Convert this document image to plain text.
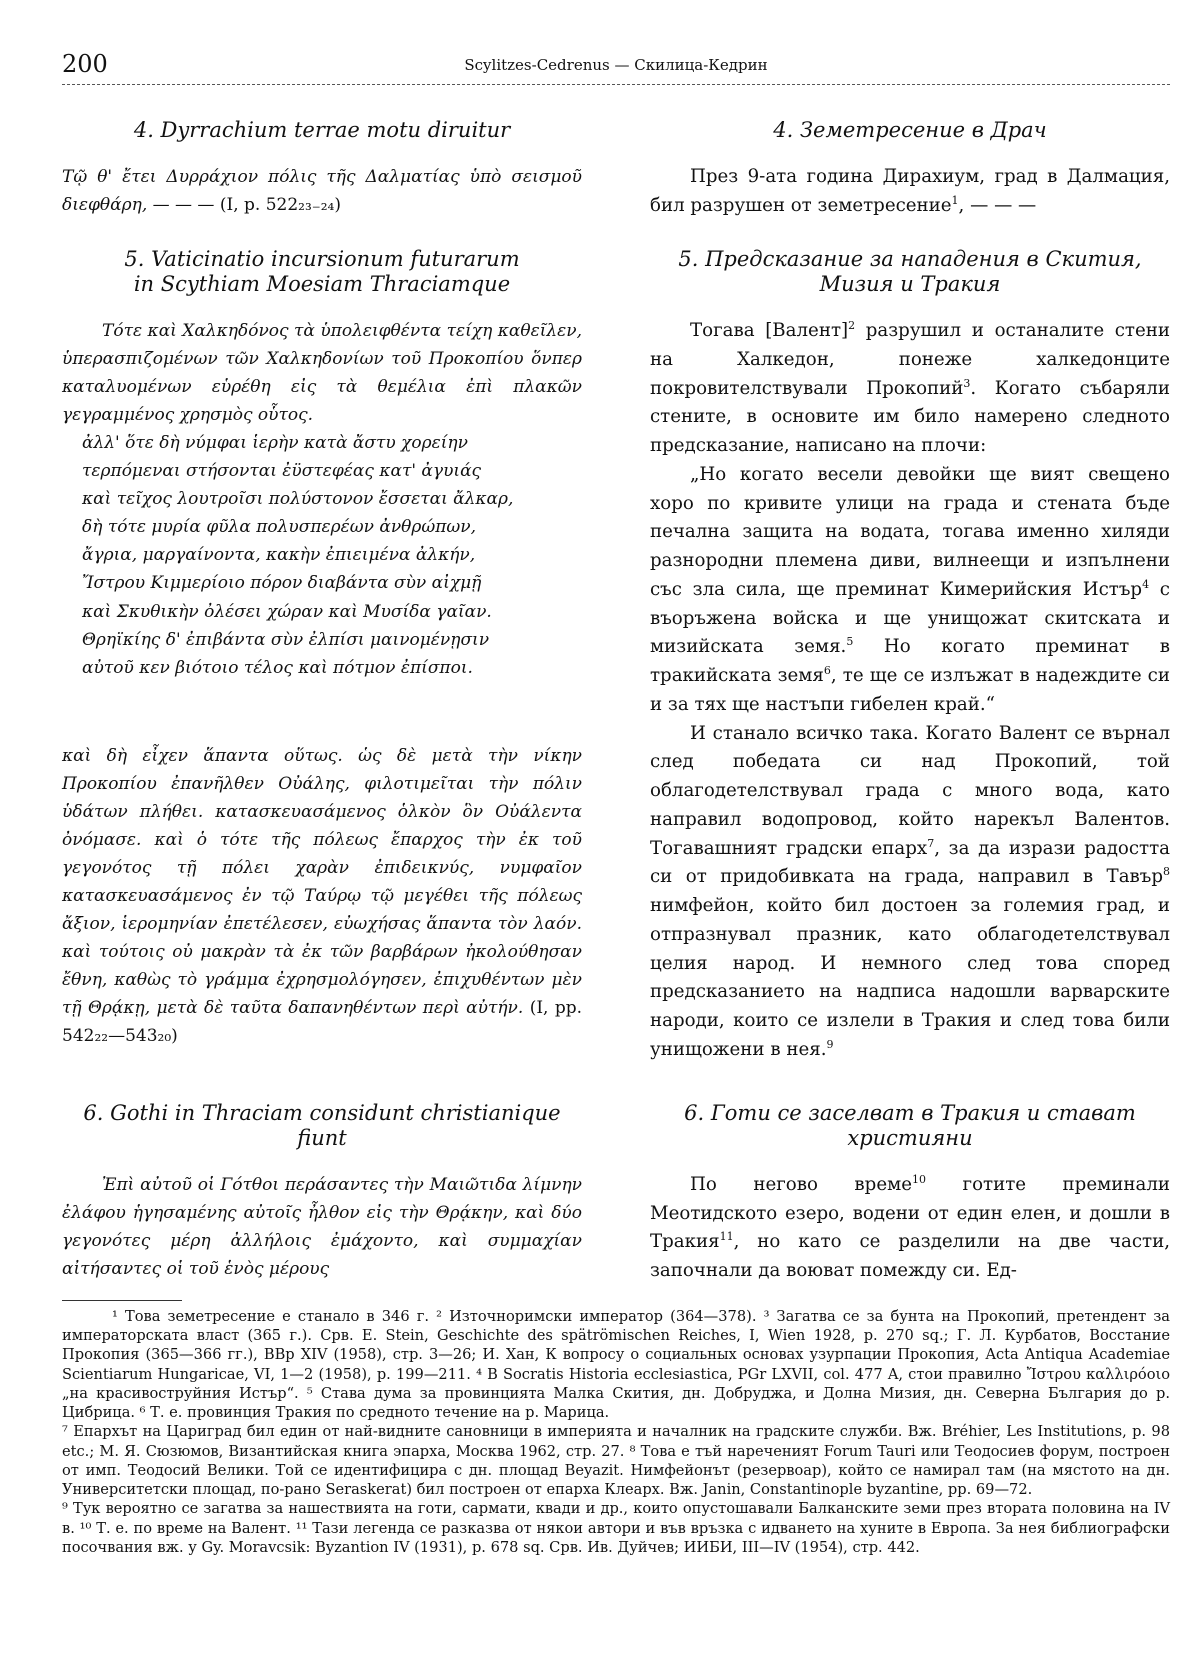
200	Scylitzes-Cedrenus — Скилица-Кедрин
4. Dyrrachium terrae motu diruitur	4. Земетресение в Драч
Τῷ θ' ἔτει Δυρράχιον πόλις τῆς Δαλματίας ὑπὸ σεισμοῦ διεφθάρη, — — — (I, p. 522₂₃₋₂₄)
През 9-ата година Дирахиум, град в Далмация, бил разрушен от земетресение$^1$, — — —
5. Vaticinatio incursionum futurarum
in Scythiam Moesiam Thraciamque
5. Предсказание за нападения в Скития,
Мизия и Тракия
Τότε καὶ Χαλκηδόνος τὰ ὑπολειφθέντα τείχη καθεῖλεν, ὑπερασπιζομένων τῶν Χαλκηδονίων τοῦ Προκοπίου ὅνπερ καταλυομένων εὑρέθη εἰς τὰ θεμέλια ἐπὶ πλακῶν γεγραμμένος χρησμὸς οὗτος.
ἀλλ' ὅτε δὴ νύμφαι ἱερὴν κατὰ ἄστυ χορείην
τερπόμεναι στήσονται ἐϋστεφέας κατ' ἀγυιάς
καὶ τεῖχος λουτροῖσι πολύστονον ἔσσεται ἄλκαρ,
δὴ τότε μυρία φῦλα πολυσπερέων ἀνθρώπων,
ἄγρια, μαργαίνοντα, κακὴν ἐπιειμένα ἀλκήν,
Ἴστρου Κιμμερίοιο πόρον διαβάντα σὺν αἰχμῇ
καὶ Σκυθικὴν ὀλέσει χώραν καὶ Μυσίδα γαῖαν.
Θρηϊκίης δ' ἐπιβάντα σὺν ἐλπίσι μαινομένῃσιν
αὐτοῦ κεν βιότοιο τέλος καὶ πότμον ἐπίσποι.
καὶ δὴ εἶχεν ἅπαντα οὕτως. ὡς δὲ μετὰ τὴν νίκην Προκοπίου ἐπανῆλθεν Οὐάλης, φιλοτιμεῖται τὴν πόλιν ὑδάτων πλήθει. κατασκευασάμενος ὁλκὸν ὃν Οὐάλεντα ὀνόμασε. καὶ ὁ τότε τῆς πόλεως ἔπαρχος τὴν ἐκ τοῦ γεγονότος τῇ πόλει χαρὰν ἐπιδεικνύς, νυμφαῖον κατασκευασάμενος ἐν τῷ Ταύρῳ τῷ μεγέθει τῆς πόλεως ἄξιον, ἱερομηνίαν ἐπετέλεσεν, εὐωχήσας ἅπαντα τὸν λαόν. καὶ τούτοις οὐ μακρὰν τὰ ἐκ τῶν βαρβάρων ἠκολούθησαν ἔθνη, καθὼς τὸ γράμμα ἐχρησμολόγησεν, ἐπιχυθέντων μὲν τῇ Θρᾴκῃ, μετὰ δὲ ταῦτα δαπανηθέντων περὶ αὐτήν. (I, pp. 542₂₂—543₂₀)
Тогава [Валент]$^2$ разрушил и останалите стени на Халкедон, понеже халкедонците покровителствували Прокопий$^3$. Когато събаряли стените, в основите им било намерено следното предсказание, написано на плочи:
„Но когато весели девойки ще вият свещено хоро по кривите улици на града и стената бъде печална защита на водата, тогава именно хиляди разнородни племена диви, вилнеещи и изпълнени със зла сила, ще преминат Кимерийския Истър$^4$ с въоръжена войска и ще унищожат скитската и мизийската земя.$^5$ Но когато преминат в тракийската земя$^6$, те ще се излъжат в надеждите си и за тях ще настъпи гибелен край.“
И станало всичко така. Когато Валент се върнал след победата си над Прокопий, той облагодетелствувал града с много вода, като направил водопровод, който нарекъл Валентов. Тогавашният градски епарх$^7$, за да изрази радостта си от придобивката на града, направил в Тавър$^8$ нимфейон, който бил достоен за големия град, и отпразнувал празник, като облагодетелствувал целия народ. И немного след това според предсказанието на надписа надошли варварските народи, които се излели в Тракия и след това били унищожени в нея.$^9$
6. Gothi in Thraciam considunt christianique
fiunt
6. Готи се заселват в Тракия и стават
християни
Ἐπὶ αὐτοῦ οἱ Γότθοι περάσαντες τὴν Μαιῶτιδα λίμνην ἐλάφου ἡγησαμένης αὐτοῖς ἦλθον εἰς τὴν Θρᾴκην, καὶ δύο γεγονότες μέρη ἀλλήλοις ἐμάχοντο, καὶ συμμαχίαν αἰτήσαντες οἱ τοῦ ἑνὸς μέρους
По негово време$^{10}$ готите преминали Меотидското езеро, водени от един елен, и дошли в Тракия$^{11}$, но като се разделили на две части, започнали да воюват помежду си. Ед-

¹ Това земетресение е станало в 346 г. ² Източноримски император (364—378). ³ Загатва се за бунта на Прокопий, претендент за императорската власт (365 г.). Срв. E. Stein, Geschichte des spätrömischen Reiches, I, Wien 1928, p. 270 sq.; Г. Л. Курбатов, Восстание Прокопия (365—366 гг.), ВВр XIV (1958), стр. 3—26; И. Хан, К вопросу о социальных основах узурпации Прокопия, Acta Antiqua Academiae Scientiarum Hungaricae, VI, 1—2 (1958), p. 199—211. ⁴ В Socratis Historia ecclesiastica, PGr LXVII, col. 477 A, стои правилно Ἴστρου καλλιρόοιο „на красивоструйния Истър“. ⁵ Става дума за провинцията Малка Скития, дн. Добруджа, и Долна Мизия, дн. Северна България до р. Цибрица. ⁶ Т. е. провинция Тракия по средното течение на р. Марица.

⁷ Епархът на Цариград бил един от най-видните сановници в империята и началник на градските служби. Вж. Bréhier, Les Institutions, p. 98 etc.; М. Я. Сюзюмов, Византийская книга эпарха, Москва 1962, стр. 27. ⁸ Това е тъй нареченият Forum Tauri или Теодосиев форум, построен от имп. Теодосий Велики. Той се идентифицира с дн. площад Beyazit. Нимфейонът (резервоар), който се намирал там (на мястото на дн. Университетски площад, по-рано Seraskerat) бил построен от епарха Клеарх. Вж. Janin, Constantinople byzantine, pp. 69—72.

⁹ Тук вероятно се загатва за нашествията на готи, сармати, квади и др., които опустошавали Балканските земи през втората половина на IV в. ¹⁰ Т. е. по време на Валент. ¹¹ Тази легенда се разказва от някои автори и във връзка с идването на хуните в Европа. За нея библиографски посочвания вж. у Gy. Moravcsik: Byzantion IV (1931), p. 678 sq. Срв. Ив. Дуйчев; ИИБИ, III—IV (1954), стр. 442.
